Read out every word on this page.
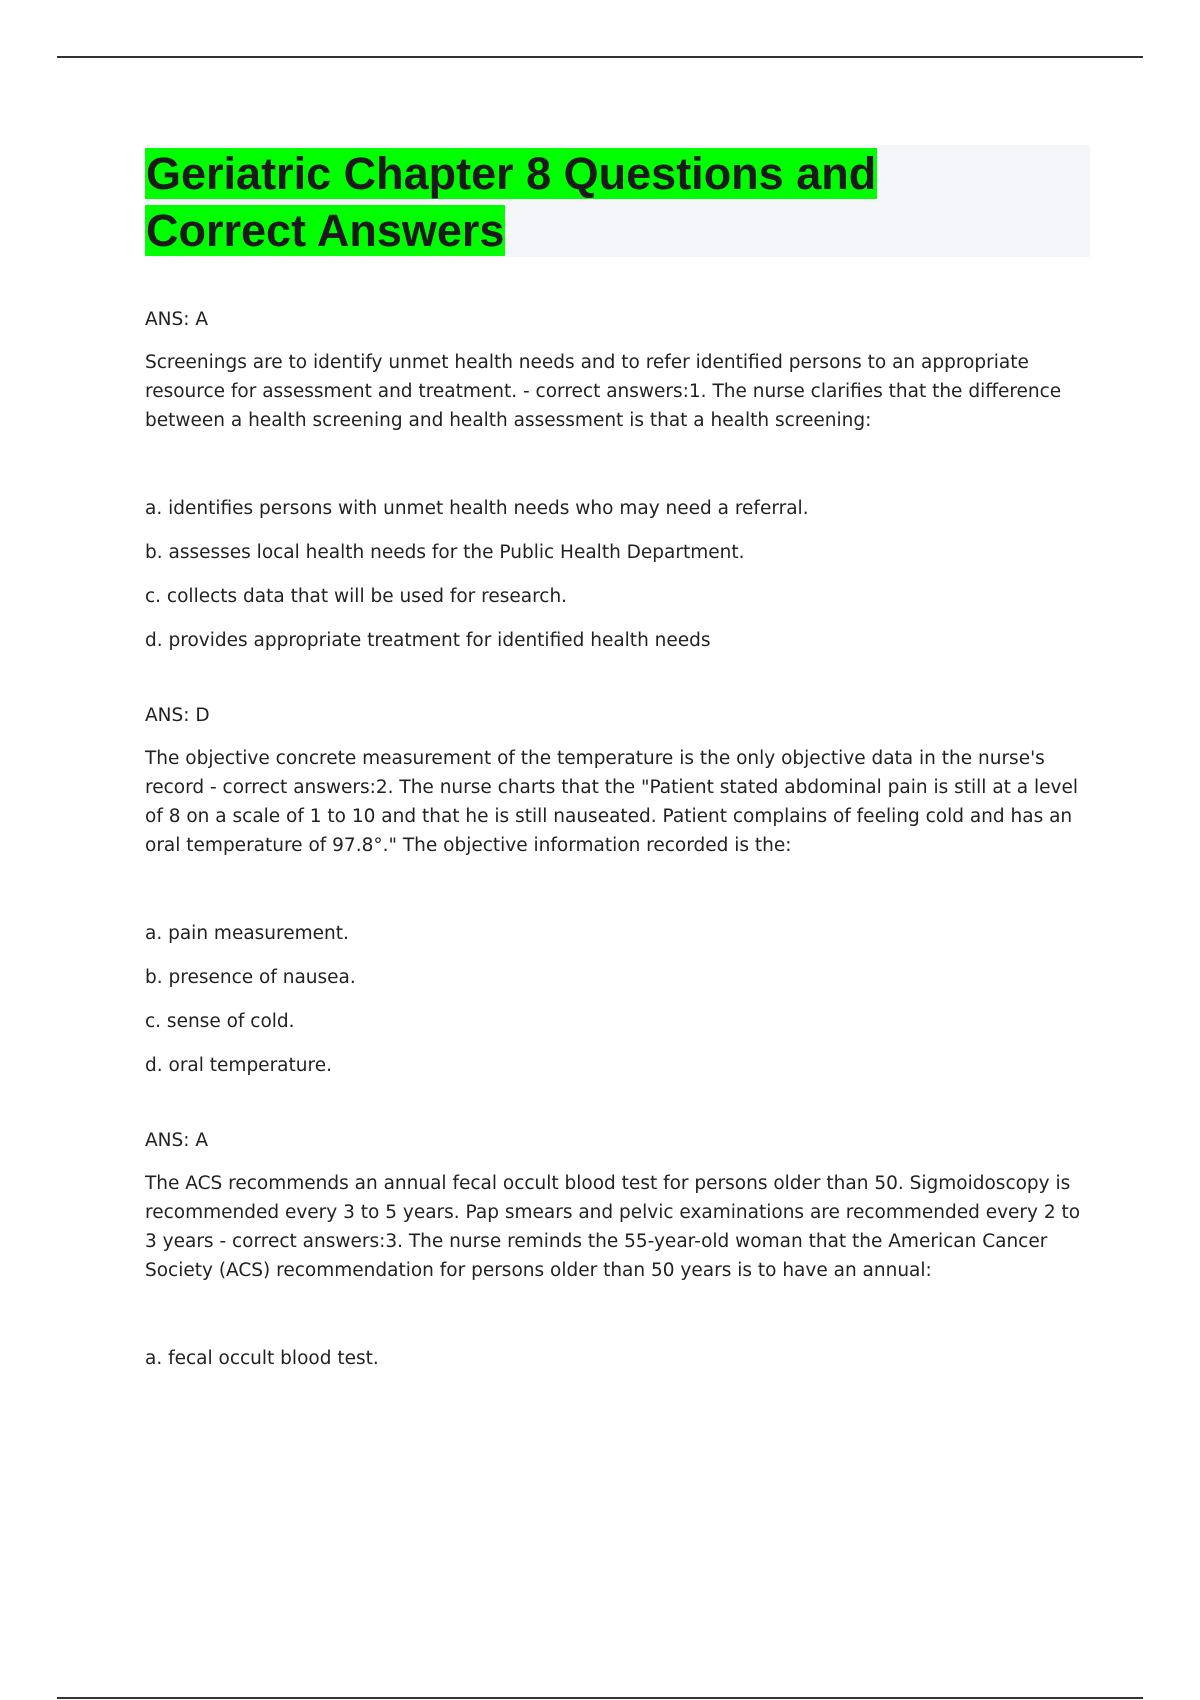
Geriatric Chapter 8 Questions and
Correct Answers

ANS: A

Screenings are to identify unmet health needs and to refer identified persons to an appropriate resource for assessment and treatment. - correct answers:1. The nurse clarifies that the difference between a health screening and health assessment is that a health screening:

a. identifies persons with unmet health needs who may need a referral.

b. assesses local health needs for the Public Health Department.

c. collects data that will be used for research.

d. provides appropriate treatment for identified health needs

ANS: D

The objective concrete measurement of the temperature is the only objective data in the nurse's record - correct answers:2. The nurse charts that the "Patient stated abdominal pain is still at a level of 8 on a scale of 1 to 10 and that he is still nauseated. Patient complains of feeling cold and has an oral temperature of 97.8°." The objective information recorded is the:

a. pain measurement.

b. presence of nausea.

c. sense of cold.

d. oral temperature.

ANS: A

The ACS recommends an annual fecal occult blood test for persons older than 50. Sigmoidoscopy is recommended every 3 to 5 years. Pap smears and pelvic examinations are recommended every 2 to 3 years - correct answers:3. The nurse reminds the 55-year-old woman that the American Cancer Society (ACS) recommendation for persons older than 50 years is to have an annual:

a. fecal occult blood test.
